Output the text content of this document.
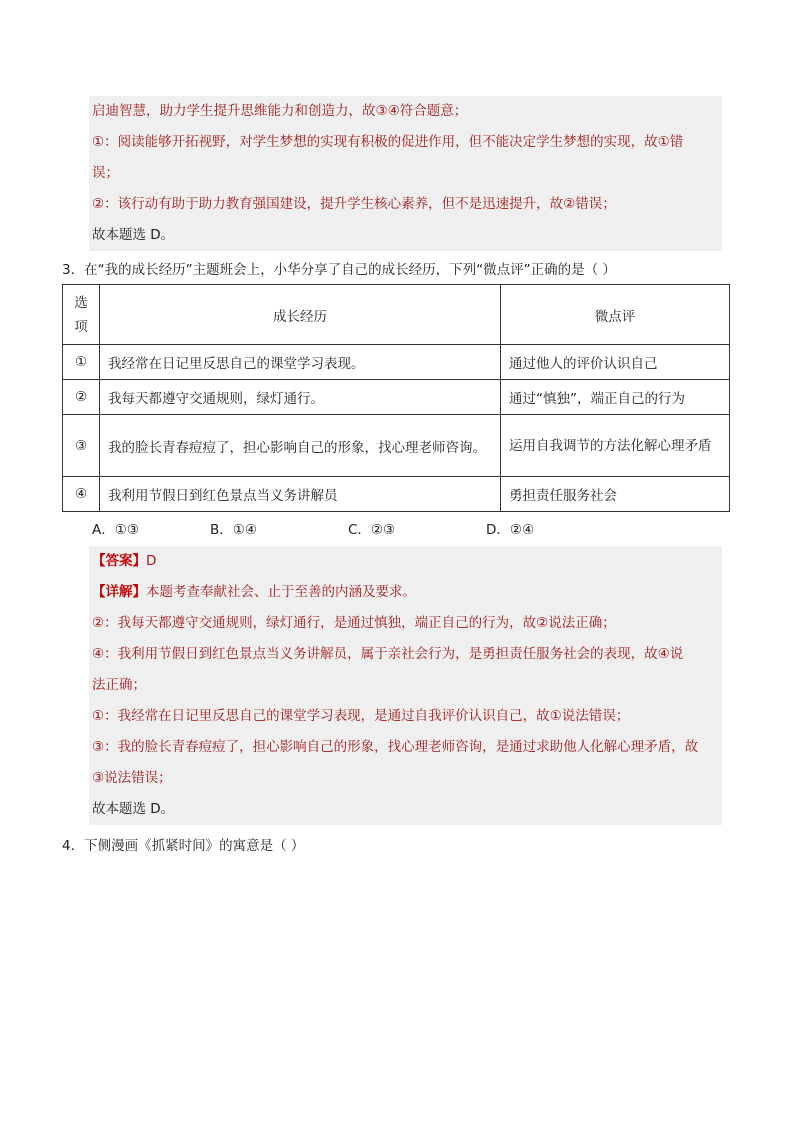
启迪智慧，助力学生提升思维能力和创造力，故③④符合题意；
①：阅读能够开拓视野，对学生梦想的实现有积极的促进作用，但不能决定学生梦想的实现，故①错
误；
②：该行动有助于助力教育强国建设，提升学生核心素养，但不是迅速提升，故②错误；
故本题选 D。
3．在“我的成长经历”主题班会上，小华分享了自己的成长经历，下列“微点评”正确的是（ ）
选
项	成长经历	微点评
①	我经常在日记里反思自己的课堂学习表现。	通过他人的评价认识自己
②	我每天都遵守交通规则，绿灯通行。	通过“慎独”，端正自己的行为
③	我的脸长青春痘痘了，担心影响自己的形象，找心理老师咨询。	运用自我调节的方法化解心理矛盾
④	我利用节假日到红色景点当义务讲解员	勇担责任服务社会
A．①③	B．①④	C．②③	D．②④
【答案】D
【详解】本题考查奉献社会、止于至善的内涵及要求。
②：我每天都遵守交通规则，绿灯通行，是通过慎独，端正自己的行为，故②说法正确；
④：我利用节假日到红色景点当义务讲解员，属于亲社会行为，是勇担责任服务社会的表现，故④说
法正确；
①：我经常在日记里反思自己的课堂学习表现，是通过自我评价认识自己，故①说法错误；
③：我的脸长青春痘痘了，担心影响自己的形象，找心理老师咨询，是通过求助他人化解心理矛盾，故
③说法错误；
故本题选 D。
4．下侧漫画《抓紧时间》的寓意是（ ）
